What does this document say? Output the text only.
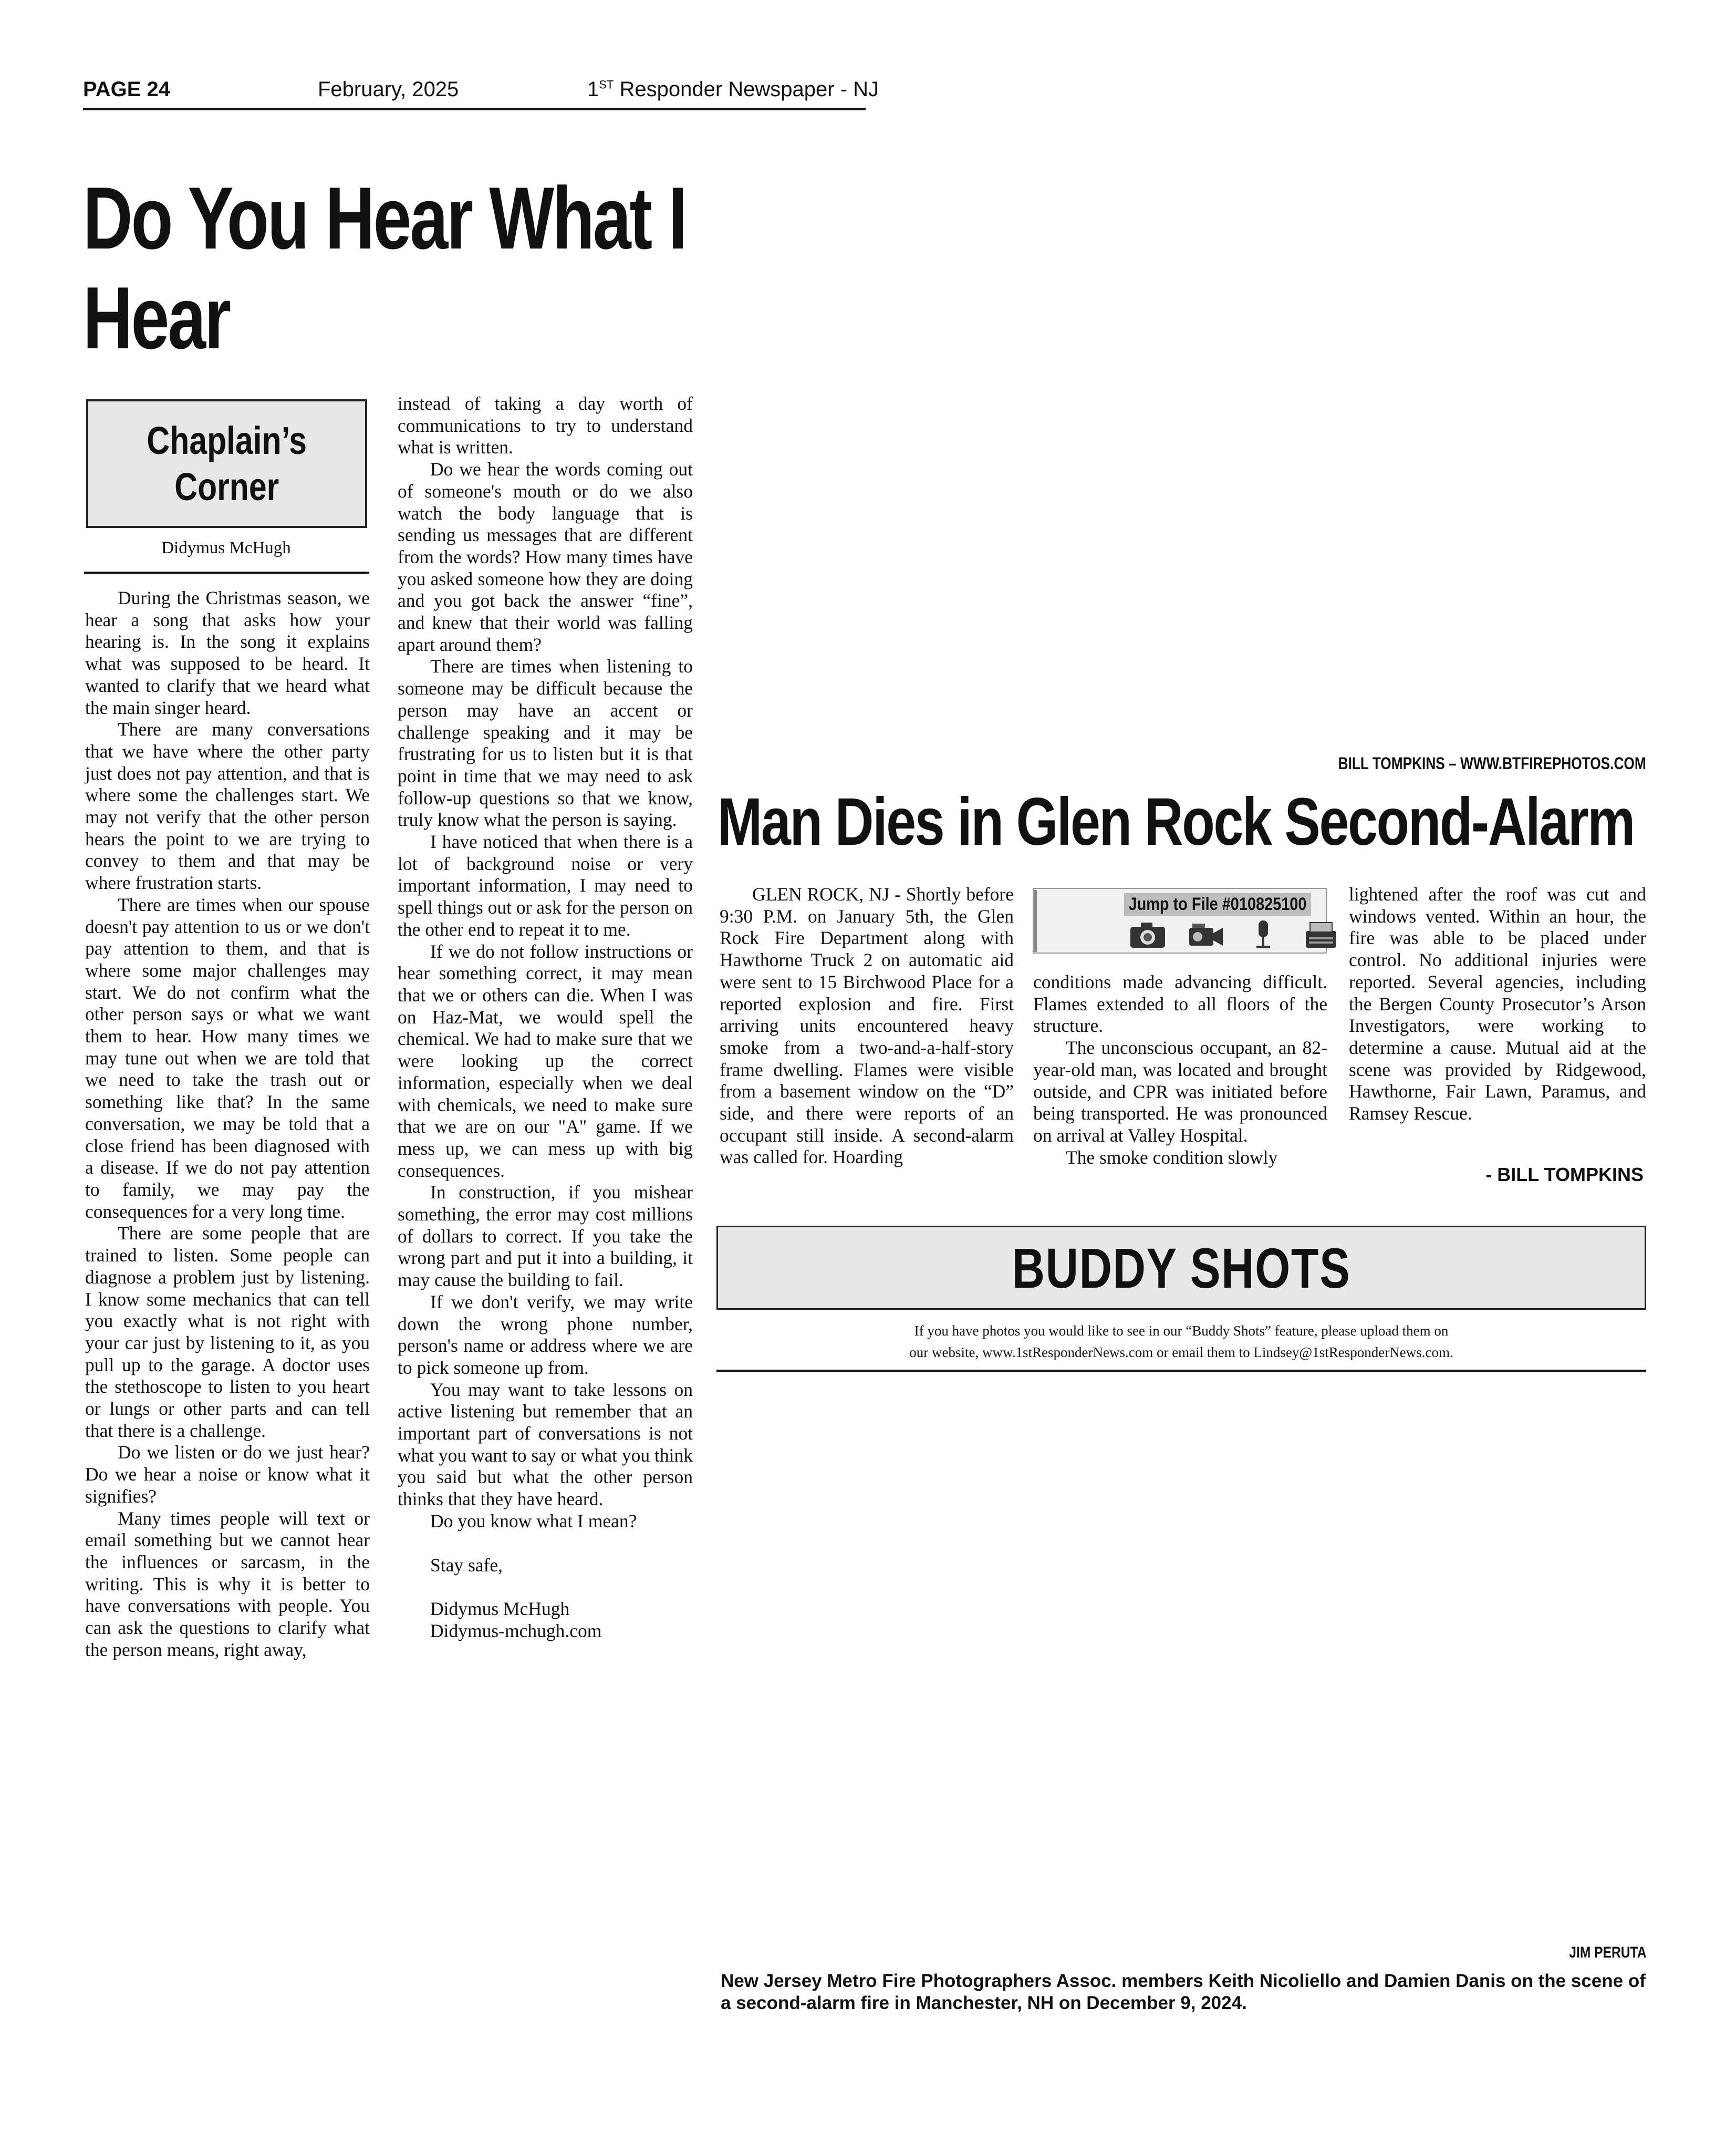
PAGE 24	February, 2025	1ST Responder Newspaper - NJ
Do You Hear What I
Hear
Chaplain’s
Corner
Didymus McHugh

During the Christmas season, we hear a song that asks how your hearing is. In the song it explains what was supposed to be heard. It wanted to clarify that we heard what the main singer heard.

There are many conversations that we have where the other party just does not pay attention, and that is where some the challenges start. We may not verify that the other person hears the point to we are trying to convey to them and that may be where frustration starts.

There are times when our spouse doesn't pay attention to us or we don't pay attention to them, and that is where some major challenges may start. We do not confirm what the other person says or what we want them to hear. How many times we may tune out when we are told that we need to take the trash out or something like that? In the same conversation, we may be told that a close friend has been diagnosed with a disease. If we do not pay attention to family, we may pay the consequences for a very long time.

There are some people that are trained to listen. Some people can diagnose a problem just by listening. I know some mechanics that can tell you exactly what is not right with your car just by listening to it, as you pull up to the garage. A doctor uses the stethoscope to listen to you heart or lungs or other parts and can tell that there is a challenge.

Do we listen or do we just hear? Do we hear a noise or know what it signifies?

Many times people will text or email something but we cannot hear the influences or sarcasm, in the writing. This is why it is better to have conversations with people. You can ask the questions to clarify what the person means, right away,

instead of taking a day worth of communications to try to understand what is written.

Do we hear the words coming out of someone's mouth or do we also watch the body language that is sending us messages that are different from the words? How many times have you asked someone how they are doing and you got back the answer “fine”, and knew that their world was falling apart around them?

There are times when listening to someone may be difficult because the person may have an accent or challenge speaking and it may be frustrating for us to listen but it is that point in time that we may need to ask follow-up questions so that we know, truly know what the person is saying.

I have noticed that when there is a lot of background noise or very important information, I may need to spell things out or ask for the person on the other end to repeat it to me.

If we do not follow instructions or hear something correct, it may mean that we or others can die. When I was on Haz-Mat, we would spell the chemical. We had to make sure that we were looking up the correct information, especially when we deal with chemicals, we need to make sure that we are on our "A" game. If we mess up, we can mess up with big consequences.

In construction, if you mishear something, the error may cost millions of dollars to correct. If you take the wrong part and put it into a building, it may cause the building to fail.

If we don't verify, we may write down the wrong phone number, person's name or address where we are to pick someone up from.

You may want to take lessons on active listening but remember that an important part of conversations is not what you want to say or what you think you said but what the other person thinks that they have heard.

Do you know what I mean?

Stay safe,

Didymus McHugh

Didymus-mchugh.com

BILL TOMPKINS – WWW.BTFIREPHOTOS.COM
Man Dies in Glen Rock Second-Alarm

GLEN ROCK, NJ - Shortly before 9:30 P.M. on January 5th, the Glen Rock Fire Department along with Hawthorne Truck 2 on automatic aid were sent to 15 Birchwood Place for a reported explosion and fire. First arriving units encountered heavy smoke from a two-and-a-half-story frame dwelling. Flames were visible from a basement window on the “D” side, and there were reports of an occupant still inside. A second-alarm was called for. Hoarding

Jump to File #010825100

conditions made advancing difficult. Flames extended to all floors of the structure.

The unconscious occupant, an 82-year-old man, was located and brought outside, and CPR was initiated before being transported. He was pronounced on arrival at Valley Hospital.

The smoke condition slowly

lightened after the roof was cut and windows vented. Within an hour, the fire was able to be placed under control. No additional injuries were reported. Several agencies, including the Bergen County Prosecutor’s Arson Investigators, were working to determine a cause. Mutual aid at the scene was provided by Ridgewood, Hawthorne, Fair Lawn, Paramus, and Ramsey Rescue.

- BILL TOMPKINS
BUDDY SHOTS
If you have photos you would like to see in our “Buddy Shots” feature, please upload them on
our website, www.1stResponderNews.com or email them to Lindsey@1stResponderNews.com.
JIM PERUTA
New Jersey Metro Fire Photographers Assoc. members Keith Nicoliello and Damien Danis on the scene of a second-alarm fire in Manchester, NH on December 9, 2024.
